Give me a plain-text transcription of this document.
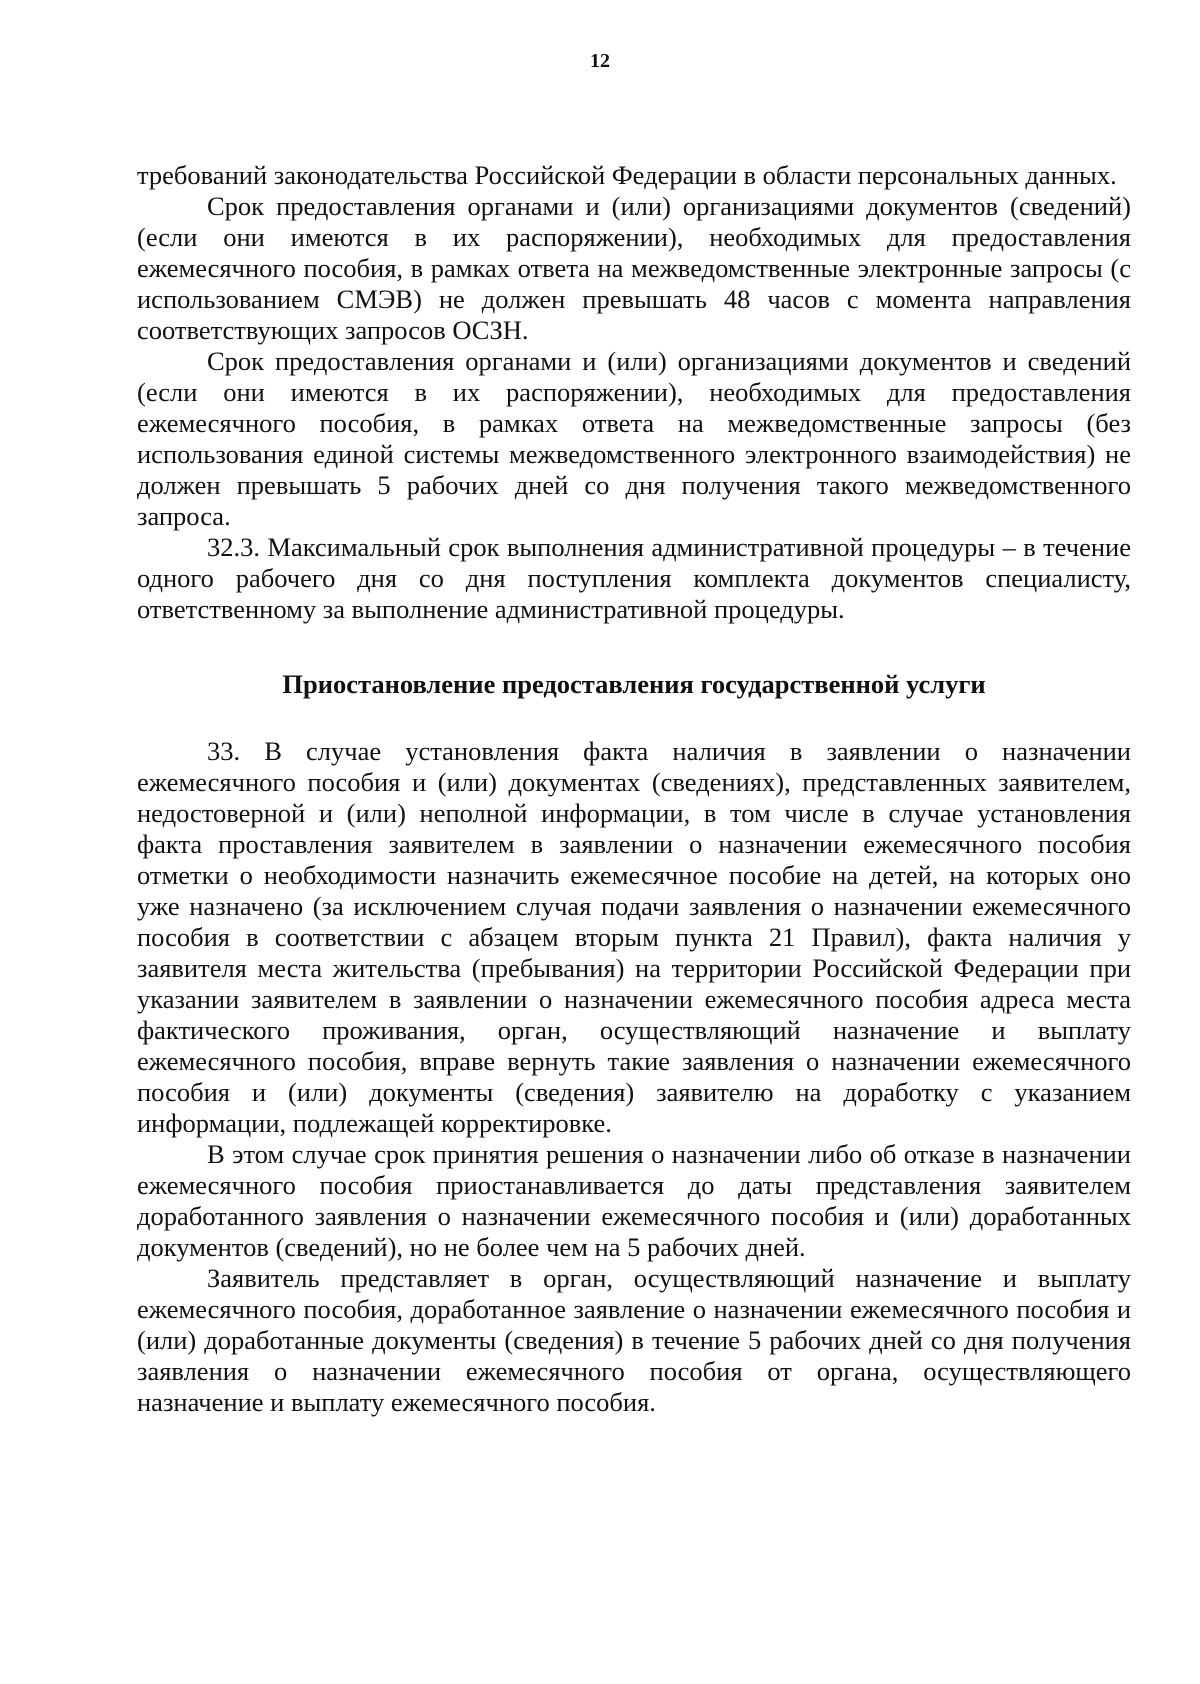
12

требований законодательства Российской Федерации в области персональных данных.

Срок предоставления органами и (или) организациями документов (сведений) (если они имеются в их распоряжении), необходимых для предоставления ежемесячного пособия, в рамках ответа на межведомственные электронные запросы (с использованием СМЭВ) не должен превышать 48 часов с момента направления соответствующих запросов ОСЗН.

Срок предоставления органами и (или) организациями документов и сведений (если они имеются в их распоряжении), необходимых для предоставления ежемесячного пособия, в рамках ответа на межведомственные запросы (без использования единой системы межведомственного электронного взаимодействия) не должен превышать 5 рабочих дней со дня получения такого межведомственного запроса.

32.3. Максимальный срок выполнения административной процедуры – в течение одного рабочего дня со дня поступления комплекта документов специалисту, ответственному за выполнение административной процедуры.

Приостановление предоставления государственной услуги

33. В случае установления факта наличия в заявлении о назначении ежемесячного пособия и (или) документах (сведениях), представленных заявителем, недостоверной и (или) неполной информации, в том числе в случае установления факта проставления заявителем в заявлении о назначении ежемесячного пособия отметки о необходимости назначить ежемесячное пособие на детей, на которых оно уже назначено (за исключением случая подачи заявления о назначении ежемесячного пособия в соответствии с абзацем вторым пункта 21 Правил), факта наличия у заявителя места жительства (пребывания) на территории Российской Федерации при указании заявителем в заявлении о назначении ежемесячного пособия адреса места фактического проживания, орган, осуществляющий назначение и выплату ежемесячного пособия, вправе вернуть такие заявления о назначении ежемесячного пособия и (или) документы (сведения) заявителю на доработку с указанием информации, подлежащей корректировке.

В этом случае срок принятия решения о назначении либо об отказе в назначении ежемесячного пособия приостанавливается до даты представления заявителем доработанного заявления о назначении ежемесячного пособия и (или) доработанных документов (сведений), но не более чем на 5 рабочих дней.

Заявитель представляет в орган, осуществляющий назначение и выплату ежемесячного пособия, доработанное заявление о назначении ежемесячного пособия и (или) доработанные документы (сведения) в течение 5 рабочих дней со дня получения заявления о назначении ежемесячного пособия от органа, осуществляющего назначение и выплату ежемесячного пособия.
